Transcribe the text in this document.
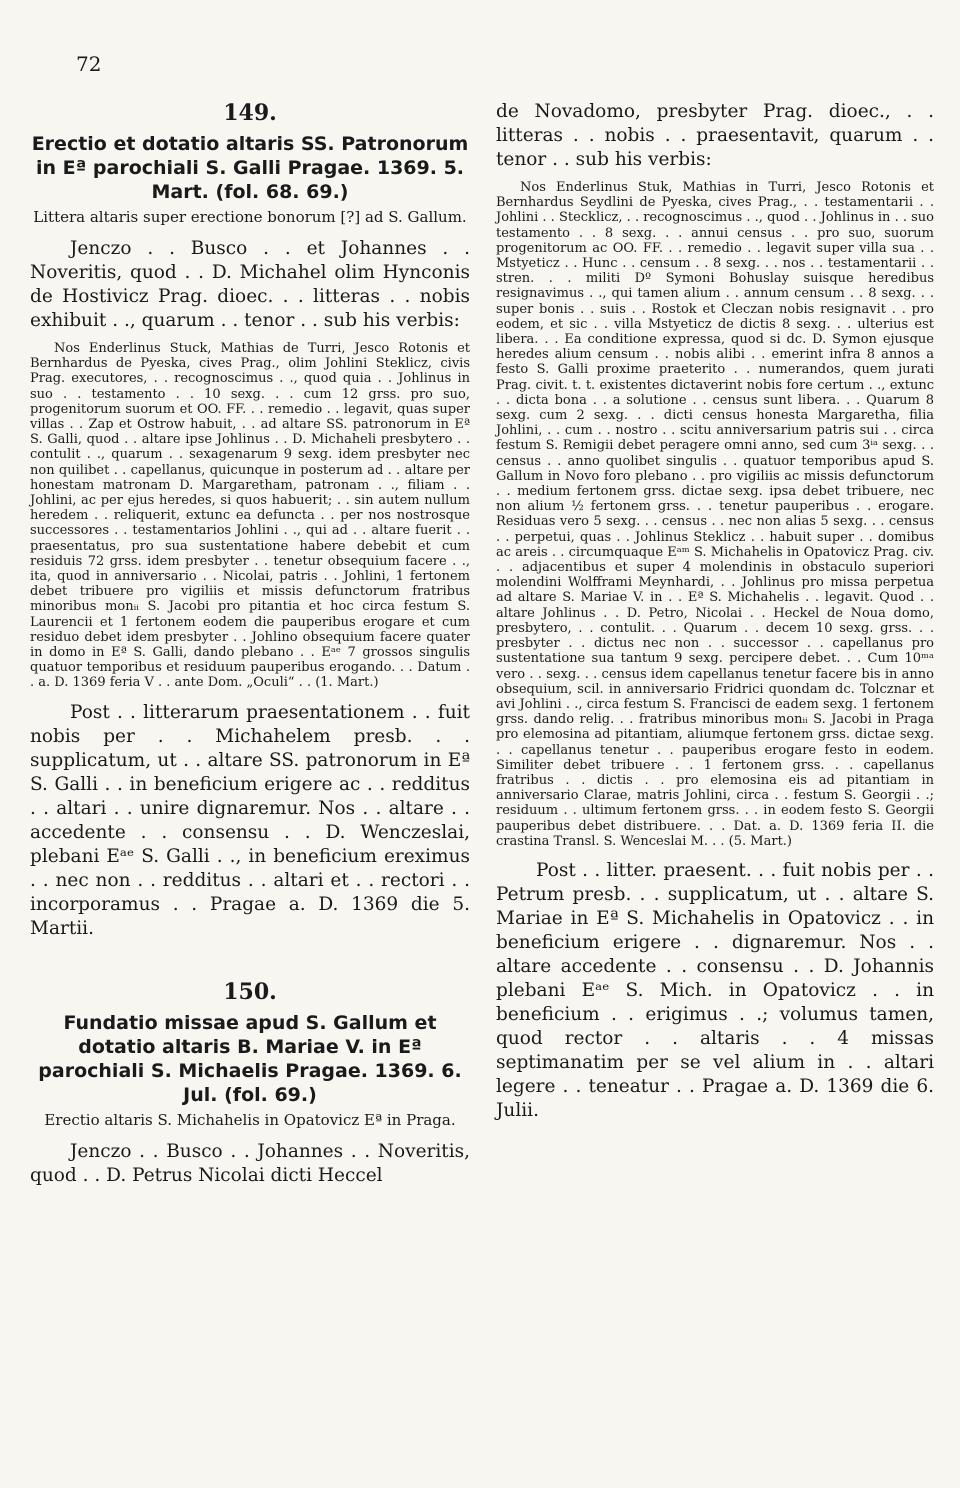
72
149.
Erectio et dotatio altaris SS. Patronorum in Eª parochiali S. Galli Pragae. 1369. 5. Mart. (fol. 68. 69.)
Littera altaris super erectione bonorum [?] ad S. Gallum.

Jenczo . . Busco . . et Johannes . . Noveritis, quod . . D. Michahel olim Hynconis de Hostivicz Prag. dioec. . . litteras . . nobis exhibuit . ., quarum . . tenor . . sub his verbis:

Nos Enderlinus Stuck, Mathias de Turri, Jesco Rotonis et Bernhardus de Pyeska, cives Prag., olim Johlini Steklicz, civis Prag. executores, . . recognoscimus . ., quod quia . . Johlinus in suo . . testamento . . 10 sexg. . . cum 12 grss. pro suo, progenitorum suorum et OO. FF. . . remedio . . legavit, quas super villas . . Zap et Ostrow habuit, . . ad altare SS. patronorum in Eª S. Galli, quod . . altare ipse Johlinus . . D. Michaheli presbytero . . contulit . ., quarum . . sexagenarum 9 sexg. idem presbyter nec non quilibet . . capellanus, quicunque in posterum ad . . altare per honestam matronam D. Margaretham, patronam . ., filiam . . Johlini, ac per ejus heredes, si quos habuerit; . . sin autem nullum heredem . . reliquerit, extunc ea defuncta . . per nos nostrosque successores . . testamentarios Johlini . ., qui ad . . altare fuerit . . praesentatus, pro sua sustentatione habere debebit et cum residuis 72 grss. idem presbyter . . tenetur obsequium facere . ., ita, quod in anniversario . . Nicolai, patris . . Johlini, 1 fertonem debet tribuere pro vigiliis et missis defunctorum fratribus minoribus monᵢᵢ S. Jacobi pro pitantia et hoc circa festum S. Laurencii et 1 fertonem eodem die pauperibus erogare et cum residuo debet idem presbyter . . Johlino obsequium facere quater in domo in Eª S. Galli, dando plebano . . Eᵃᵉ 7 grossos singulis quatuor temporibus et residuum pauperibus erogando. . . Datum . . a. D. 1369 feria V . . ante Dom. „Oculi“ . . (1. Mart.)

Post . . litterarum praesentationem . . fuit nobis per . . Michahelem presb. . . supplicatum, ut . . altare SS. patronorum in Eª S. Galli . . in beneficium erigere ac . . redditus . . altari . . unire dignaremur. Nos . . altare . . accedente . . consensu . . D. Wenczeslai, plebani Eᵃᵉ S. Galli . ., in beneficium ereximus . . nec non . . redditus . . altari et . . rectori . . incorporamus . . Pragae a. D. 1369 die 5. Martii.

150.
Fundatio missae apud S. Gallum et dotatio altaris B. Mariae V. in Eª parochiali S. Michaelis Pragae. 1369. 6. Jul. (fol. 69.)
Erectio altaris S. Michahelis in Opatovicz Eª in Praga.

Jenczo . . Busco . . Johannes . . Noveritis, quod . . D. Petrus Nicolai dicti Heccel

de Novadomo, presbyter Prag. dioec., . . litteras . . nobis . . praesentavit, quarum . . tenor . . sub his verbis:

Nos Enderlinus Stuk, Mathias in Turri, Jesco Rotonis et Bernhardus Seydlini de Pyeska, cives Prag., . . testamentarii . . Johlini . . Stecklicz, . . recognoscimus . ., quod . . Johlinus in . . suo testamento . . 8 sexg. . . annui census . . pro suo, suorum progenitorum ac OO. FF. . . remedio . . legavit super villa sua . . Mstyeticz . . Hunc . . censum . . 8 sexg. . . nos . . testamentarii . . stren. . . militi Dº Symoni Bohuslay suisque heredibus resignavimus . ., qui tamen alium . . annum censum . . 8 sexg. . . super bonis . . suis . . Rostok et Cleczan nobis resignavit . . pro eodem, et sic . . villa Mstyeticz de dictis 8 sexg. . . ulterius est libera. . . Ea conditione expressa, quod si dc. D. Symon ejusque heredes alium censum . . nobis alibi . . emerint infra 8 annos a festo S. Galli proxime praeterito . . numerandos, quem jurati Prag. civit. t. t. existentes dictaverint nobis fore certum . ., extunc . . dicta bona . . a solutione . . census sunt libera. . . Quarum 8 sexg. cum 2 sexg. . . dicti census honesta Margaretha, filia Johlini, . . cum . . nostro . . scitu anniversarium patris sui . . circa festum S. Remigii debet peragere omni anno, sed cum 3ⁱᵃ sexg. . . census . . anno quolibet singulis . . quatuor temporibus apud S. Gallum in Novo foro plebano . . pro vigiliis ac missis defunctorum . . medium fertonem grss. dictae sexg. ipsa debet tribuere, nec non alium ½ fertonem grss. . . tenetur pauperibus . . erogare. Residuas vero 5 sexg. . . census . . nec non alias 5 sexg. . . census . . perpetui, quas . . Johlinus Steklicz . . habuit super . . domibus ac areis . . circumquaque Eᵃᵐ S. Michahelis in Opatovicz Prag. civ. . . adjacentibus et super 4 molendinis in obstaculo superiori molendini Wolfframi Meynhardi, . . Johlinus pro missa perpetua ad altare S. Mariae V. in . . Eª S. Michahelis . . legavit. Quod . . altare Johlinus . . D. Petro, Nicolai . . Heckel de Noua domo, presbytero, . . contulit. . . Quarum . . decem 10 sexg. grss. . . presbyter . . dictus nec non . . successor . . capellanus pro sustentatione sua tantum 9 sexg. percipere debet. . . Cum 10ᵐᵃ vero . . sexg. . . census idem capellanus tenetur facere bis in anno obsequium, scil. in anniversario Fridrici quondam dc. Tolcznar et avi Johlini . ., circa festum S. Francisci de eadem sexg. 1 fertonem grss. dando relig. . . fratribus minoribus monᵢᵢ S. Jacobi in Praga pro elemosina ad pitantiam, aliumque fertonem grss. dictae sexg. . . capellanus tenetur . . pauperibus erogare festo in eodem. Similiter debet tribuere . . 1 fertonem grss. . . capellanus fratribus . . dictis . . pro elemosina eis ad pitantiam in anniversario Clarae, matris Johlini, circa . . festum S. Georgii . .; residuum . . ultimum fertonem grss. . . in eodem festo S. Georgii pauperibus debet distribuere. . . Dat. a. D. 1369 feria II. die crastina Transl. S. Wenceslai M. . . (5. Mart.)

Post . . litter. praesent. . . fuit nobis per . . Petrum presb. . . supplicatum, ut . . altare S. Mariae in Eª S. Michahelis in Opatovicz . . in beneficium erigere . . dignaremur. Nos . . altare accedente . . consensu . . D. Johannis plebani Eᵃᵉ S. Mich. in Opatovicz . . in beneficium . . erigimus . .; volumus tamen, quod rector . . altaris . . 4 missas septimanatim per se vel alium in . . altari legere . . teneatur . . Pragae a. D. 1369 die 6. Julii.
